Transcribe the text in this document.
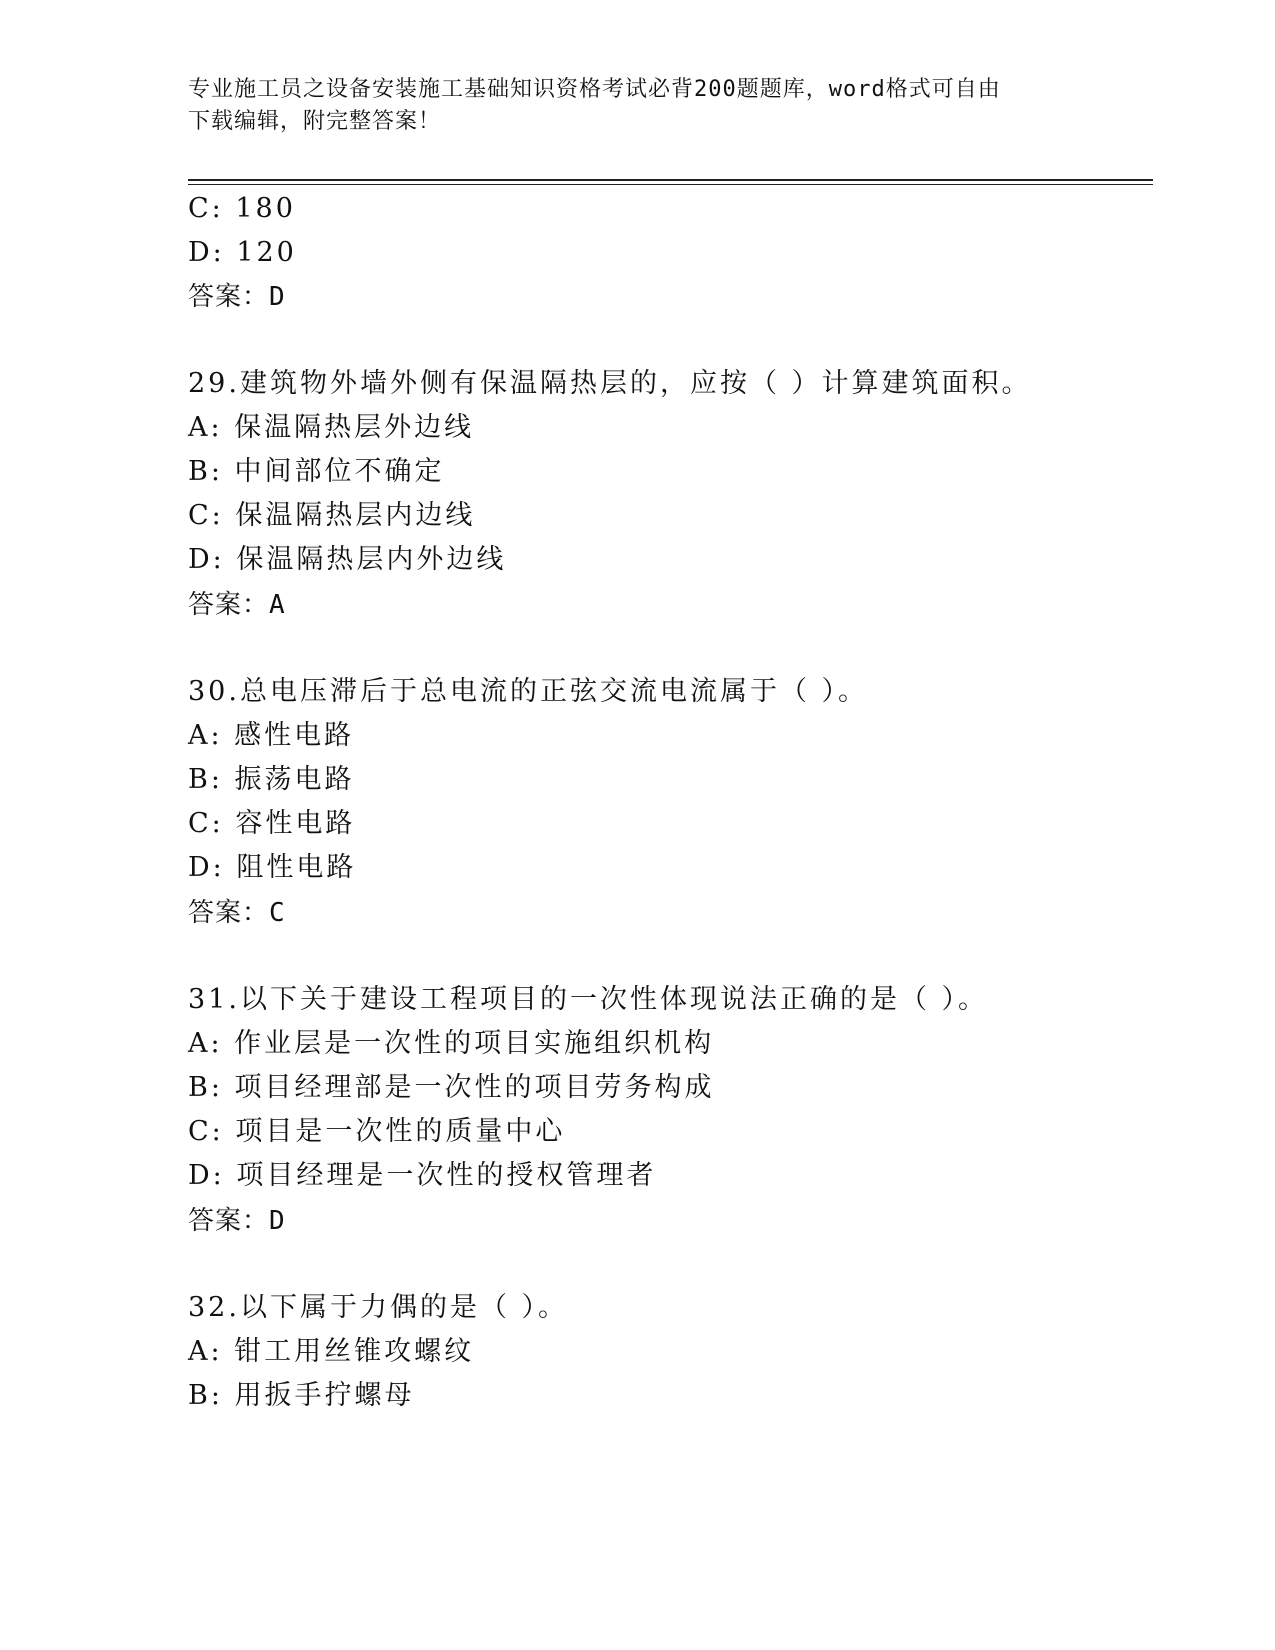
专业施工员之设备安装施工基础知识资格考试必背200题题库，word格式可自由
下载编辑，附完整答案！
C: 180
D: 120
答案：D
29.建筑物外墙外侧有保温隔热层的，应按（ ）计算建筑面积。
A: 保温隔热层外边线
B: 中间部位不确定
C: 保温隔热层内边线
D: 保温隔热层内外边线
答案：A
30.总电压滞后于总电流的正弦交流电流属于（ ）。
A: 感性电路
B: 振荡电路
C: 容性电路
D: 阻性电路
答案：C
31.以下关于建设工程项目的一次性体现说法正确的是（ ）。
A: 作业层是一次性的项目实施组织机构
B: 项目经理部是一次性的项目劳务构成
C: 项目是一次性的质量中心
D: 项目经理是一次性的授权管理者
答案：D
32.以下属于力偶的是（ ）。
A: 钳工用丝锥攻螺纹
B: 用扳手拧螺母
